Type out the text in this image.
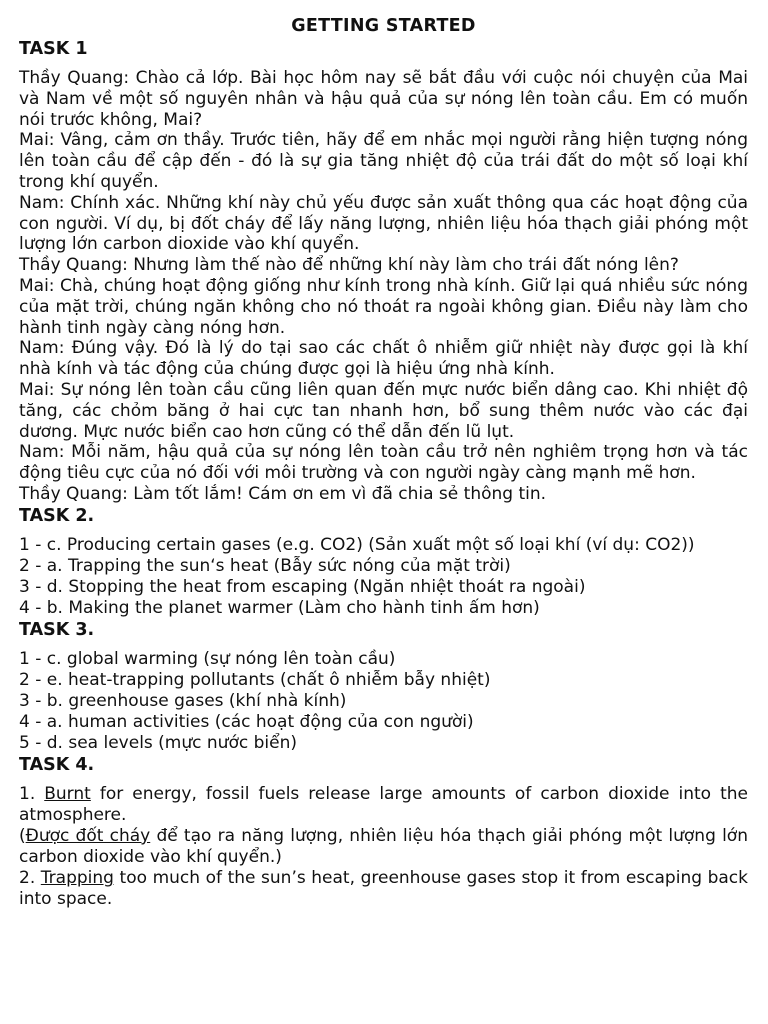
GETTING STARTED
TASK 1

Thầy Quang: Chào cả lớp. Bài học hôm nay sẽ bắt đầu với cuộc nói chuyện của Mai và Nam về một số nguyên nhân và hậu quả của sự nóng lên toàn cầu. Em có muốn nói trước không, Mai?

Mai: Vâng, cảm ơn thầy. Trước tiên, hãy để em nhắc mọi người rằng hiện tượng nóng lên toàn cầu để cập đến - đó là sự gia tăng nhiệt độ của trái đất do một số loại khí trong khí quyển.

Nam: Chính xác. Những khí này chủ yếu được sản xuất thông qua các hoạt động của con người. Ví dụ, bị đốt cháy để lấy năng lượng, nhiên liệu hóa thạch giải phóng một lượng lớn carbon dioxide vào khí quyển.

Thầy Quang: Nhưng làm thế nào để những khí này làm cho trái đất nóng lên?

Mai: Chà, chúng hoạt động giống như kính trong nhà kính. Giữ lại quá nhiều sức nóng của mặt trời, chúng ngăn không cho nó thoát ra ngoài không gian. Điều này làm cho hành tinh ngày càng nóng hơn.

Nam: Đúng vậy. Đó là lý do tại sao các chất ô nhiễm giữ nhiệt này được gọi là khí nhà kính và tác động của chúng được gọi là hiệu ứng nhà kính.

Mai: Sự nóng lên toàn cầu cũng liên quan đến mực nước biển dâng cao. Khi nhiệt độ tăng, các chỏm băng ở hai cực tan nhanh hơn, bổ sung thêm nước vào các đại dương. Mực nước biển cao hơn cũng có thể dẫn đến lũ lụt.

Nam: Mỗi năm, hậu quả của sự nóng lên toàn cầu trở nên nghiêm trọng hơn và tác động tiêu cực của nó đối với môi trường và con người ngày càng mạnh mẽ hơn.

Thầy Quang: Làm tốt lắm! Cám ơn em vì đã chia sẻ thông tin.

TASK 2.

1 - c. Producing certain gases (e.g. CO2) (Sản xuất một số loại khí (ví dụ: CO2))

2 - a. Trapping the sun‘s heat (Bẫy sức nóng của mặt trời)

3 - d. Stopping the heat from escaping (Ngăn nhiệt thoát ra ngoài)

4 - b. Making the planet warmer (Làm cho hành tinh ấm hơn)

TASK 3.

1 - c. global warming (sự nóng lên toàn cầu)

2 - e. heat-trapping pollutants (chất ô nhiễm bẫy nhiệt)

3 - b. greenhouse gases (khí nhà kính)

4 - a. human activities (các hoạt động của con người)

5 - d. sea levels (mực nước biển)

TASK 4.

1. Burnt for energy, fossil fuels release large amounts of carbon dioxide into the atmosphere.

(Được đốt cháy để tạo ra năng lượng, nhiên liệu hóa thạch giải phóng một lượng lớn carbon dioxide vào khí quyển.)

2. Trapping too much of the sun’s heat, greenhouse gases stop it from escaping back into space.
